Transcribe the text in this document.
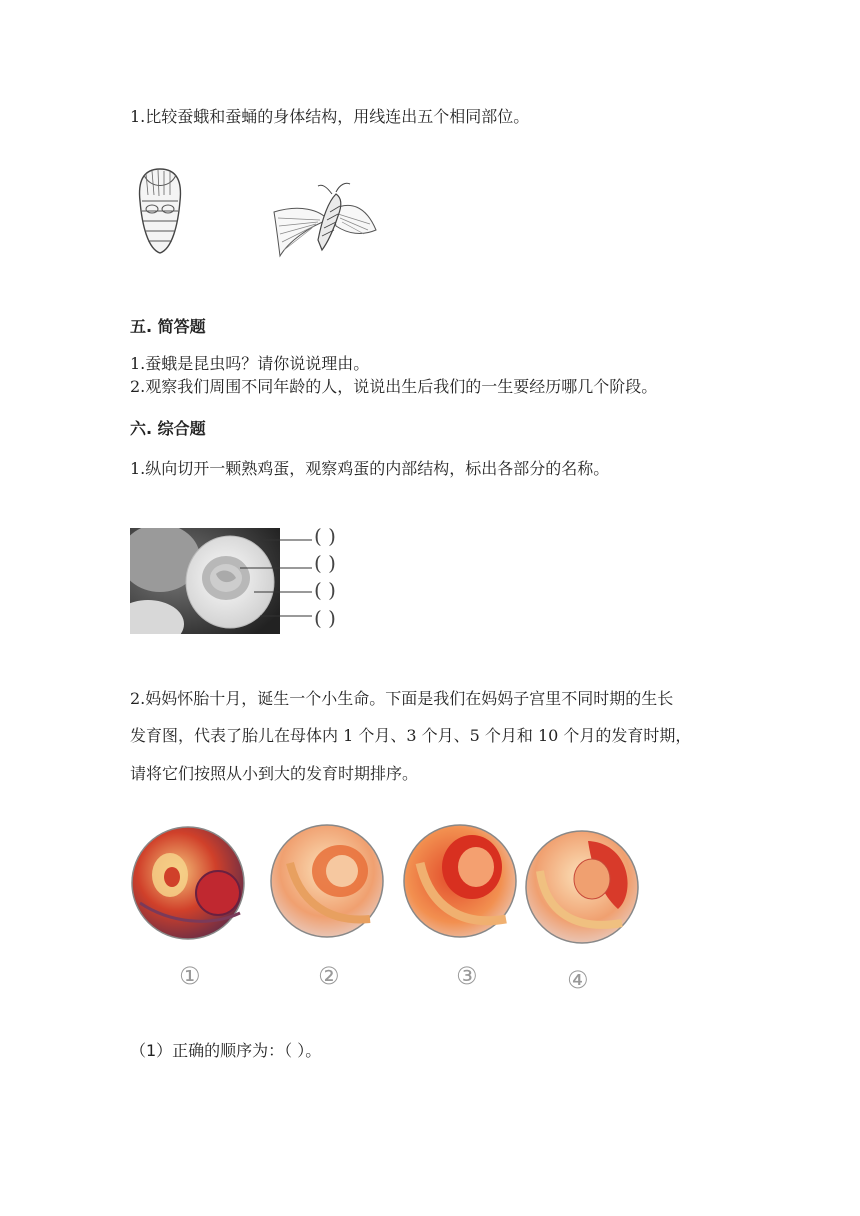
1.比较蚕蛾和蚕蛹的身体结构，用线连出五个相同部位。
五. 简答题
1.蚕蛾是昆虫吗？请你说说理由。
2.观察我们周围不同年龄的人，说说出生后我们的一生要经历哪几个阶段。
六. 综合题
1.纵向切开一颗熟鸡蛋，观察鸡蛋的内部结构，标出各部分的名称。
( )
( )
( )
( )
2.妈妈怀胎十月，诞生一个小生命。下面是我们在妈妈子宫里不同时期的生长
发育图，代表了胎儿在母体内 1 个月、3 个月、5 个月和 10 个月的发育时期，
请将它们按照从小到大的发育时期排序。
①	②	③	④
（1）正确的顺序为：（ ）。
